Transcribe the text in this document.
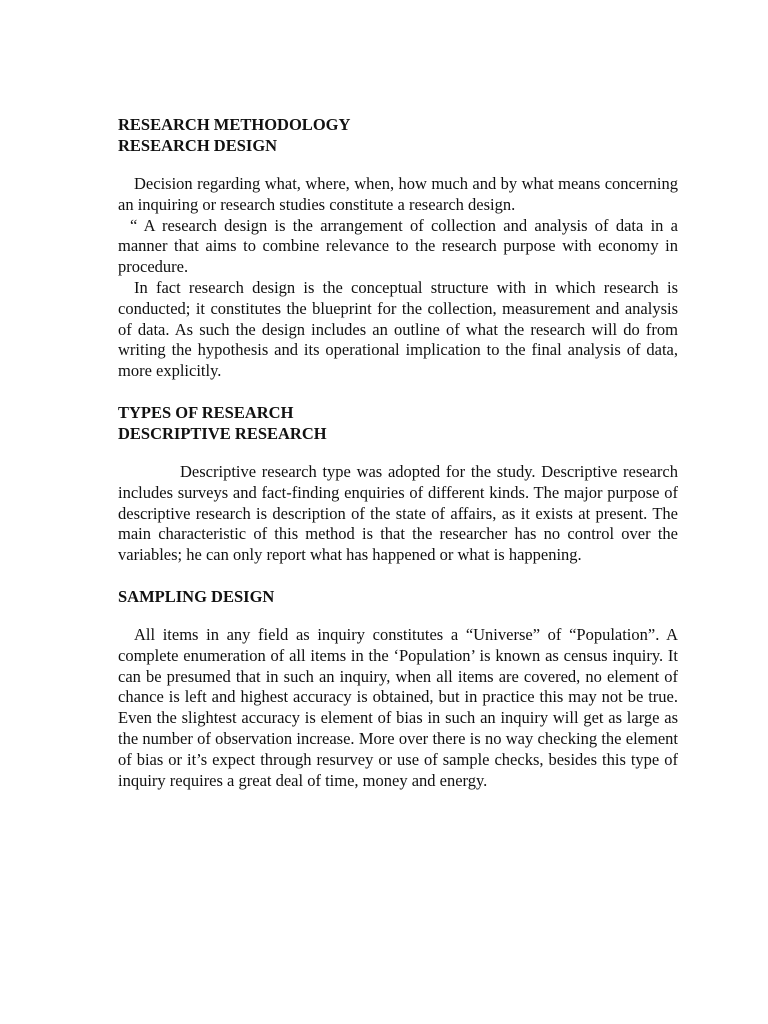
RESEARCH METHODOLOGY
RESEARCH DESIGN

Decision regarding what, where, when, how much and by what means concerning an inquiring or research studies constitute a research design.

“ A research design is the arrangement of collection and analysis of data in a manner that aims to combine relevance to the research purpose with economy in procedure.

In fact research design is the conceptual structure with in which research is conducted; it constitutes the blueprint for the collection, measurement and analysis of data. As such the design includes an outline of what the research will do from writing the hypothesis and its operational implication to the final analysis of data, more explicitly.

TYPES OF RESEARCH
DESCRIPTIVE RESEARCH

Descriptive research type was adopted for the study. Descriptive research includes surveys and fact-finding enquiries of different kinds. The major purpose of descriptive research is description of the state of affairs, as it exists at present. The main characteristic of this method is that the researcher has no control over the variables; he can only report what has happened or what is happening.

SAMPLING DESIGN

All items in any field as inquiry constitutes a “Universe” of “Population”. A complete enumeration of all items in the ‘Population’ is known as census inquiry. It can be presumed that in such an inquiry, when all items are covered, no element of chance is left and highest accuracy is obtained, but in practice this may not be true. Even the slightest accuracy is element of bias in such an inquiry will get as large as the number of observation increase. More over there is no way checking the element of bias or it’s expect through resurvey or use of sample checks, besides this type of inquiry requires a great deal of time, money and energy.
